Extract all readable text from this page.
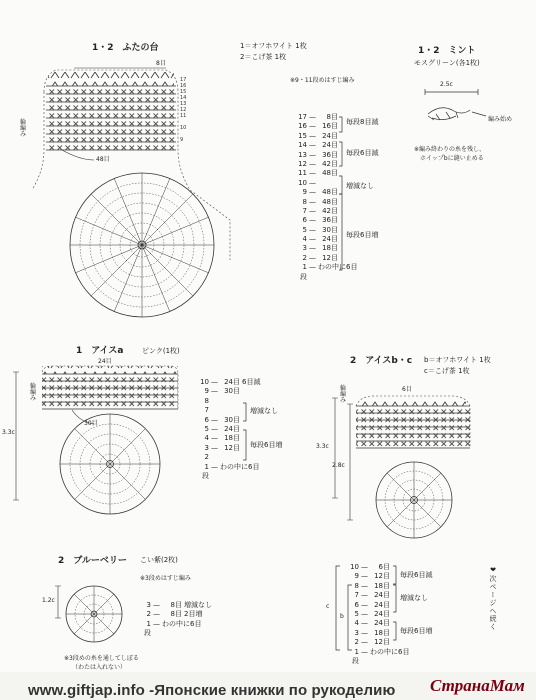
17
16
15
14
13
12
11
10
9
1・2　ふたの台	1＝オフホワイト 1枚
2＝こげ茶 1枚
※9・11段めはすじ編み
8目
輪編み
48目
17 —	8目
16 — 16目
15 — 24目
14 — 24目
13 — 36目
12 — 42目
11 — 48目
10 —
9 — 48目
8 — 48目
7 — 42目
6 — 36目
5 — 30目
4 — 24目
3 — 18目
2 — 12目
1 — わの中に6目
段
毎段8目減
毎段6目減
増減なし
毎段6目増
1・2　ミント
モスグリーン(各1枚)
2.5c
編み始め
※編み終わりの糸を残し、
ホイップbに縫い止める
1　アイスa	ピンク(1枚)
24目
輪編み
30目
3.3c
10 — 24目 6目減
9 — 30目
8
7
6 — 30目
5 — 24目
4 — 18目
3 — 12目
2
1 — わの中に6目
段
増減なし
毎段6目増
2　アイスb・c b＝オフホワイト 1枚
c＝こげ茶 1枚
6目
輪編み
3.3c
2.8c
10 —	6目
9 — 12目
8 — 18目
7 — 24目
6 — 24目
5 — 24目
4 — 24目
3 — 18目
2 — 12目
1 — わの中に6目
段
毎段6目減
増減なし
毎段6目増
c
b
2　ブルーベリー こい紫(2枚)
※3段めはすじ編み
1.2c
3 —	8目 増減なし
2 —	8目 2目増
1 — わの中に6目
段
※3段めの糸を通してしぼる
（わたは入れない）
❤次ページへ続く
www.giftjap.info -Японские книжки по рукоделию СтранаМам
